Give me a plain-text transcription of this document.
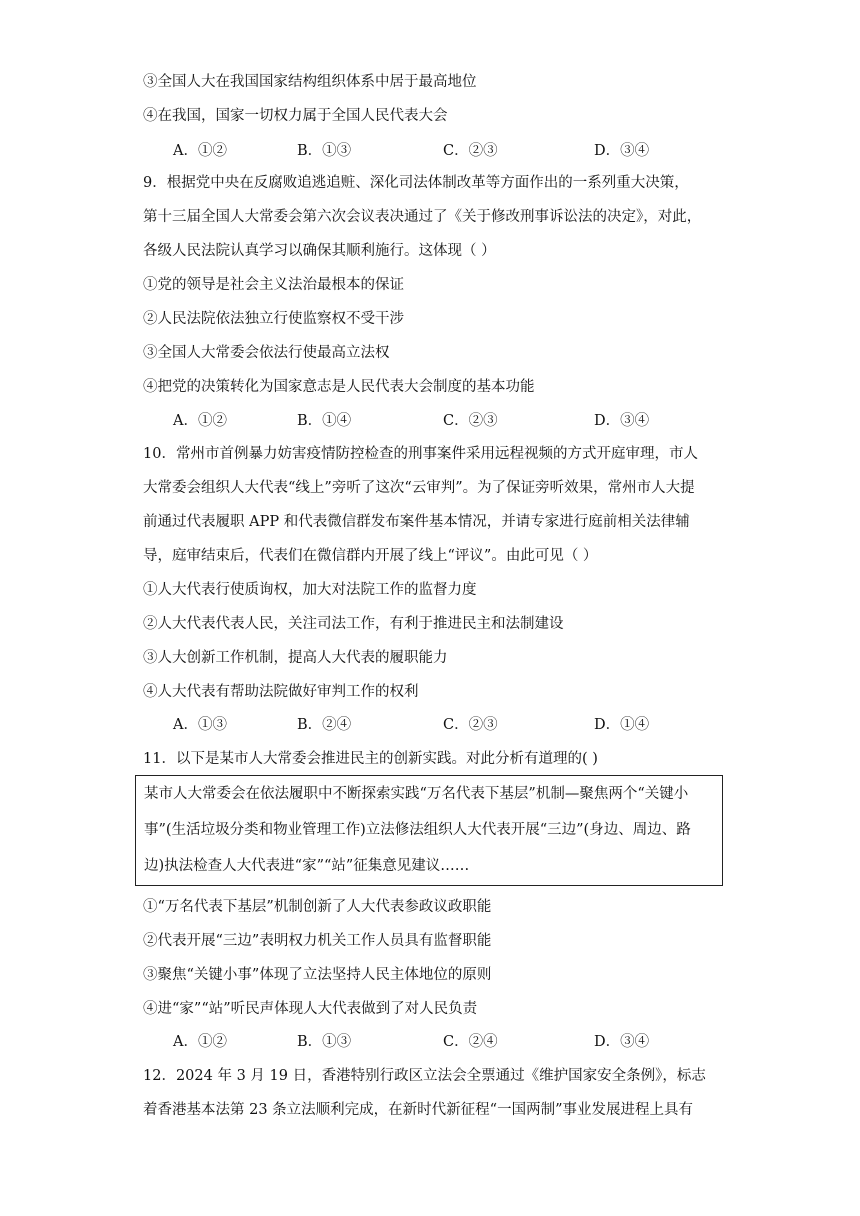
③全国人大在我国国家结构组织体系中居于最高地位
④在我国，国家一切权力属于全国人民代表大会
A．①②	B．①③	C．②③	D．③④
9．根据党中央在反腐败追逃追赃、深化司法体制改革等方面作出的一系列重大决策，
第十三届全国人大常委会第六次会议表决通过了《关于修改刑事诉讼法的决定》，对此，
各级人民法院认真学习以确保其顺利施行。这体现（ ）
①党的领导是社会主义法治最根本的保证
②人民法院依法独立行使监察权不受干涉
③全国人大常委会依法行使最高立法权
④把党的决策转化为国家意志是人民代表大会制度的基本功能
A．①②	B．①④	C．②③	D．③④
10．常州市首例暴力妨害疫情防控检查的刑事案件采用远程视频的方式开庭审理，市人
大常委会组织人大代表“线上”旁听了这次“云审判”。为了保证旁听效果，常州市人大提
前通过代表履职 APP 和代表微信群发布案件基本情况，并请专家进行庭前相关法律辅
导，庭审结束后，代表们在微信群内开展了线上“评议”。由此可见（ ）
①人大代表行使质询权，加大对法院工作的监督力度
②人大代表代表人民，关注司法工作，有利于推进民主和法制建设
③人大创新工作机制，提高人大代表的履职能力
④人大代表有帮助法院做好审判工作的权利
A．①③	B．②④	C．②③	D．①④
11．以下是某市人大常委会推进民主的创新实践。对此分析有道理的( )
某市人大常委会在依法履职中不断探索实践“万名代表下基层”机制—聚焦两个“关键小
事”(生活垃圾分类和物业管理工作)立法修法组织人大代表开展“三边”(身边、周边、路
边)执法检查人大代表进“家”“站”征集意见建议……
①“万名代表下基层”机制创新了人大代表参政议政职能
②代表开展“三边”表明权力机关工作人员具有监督职能
③聚焦“关键小事”体现了立法坚持人民主体地位的原则
④进“家”“站”听民声体现人大代表做到了对人民负责
A．①②	B．①③	C．②④	D．③④
12．2024 年 3 月 19 日，香港特别行政区立法会全票通过《维护国家安全条例》，标志
着香港基本法第 23 条立法顺利完成，在新时代新征程“一国两制”事业发展进程上具有
